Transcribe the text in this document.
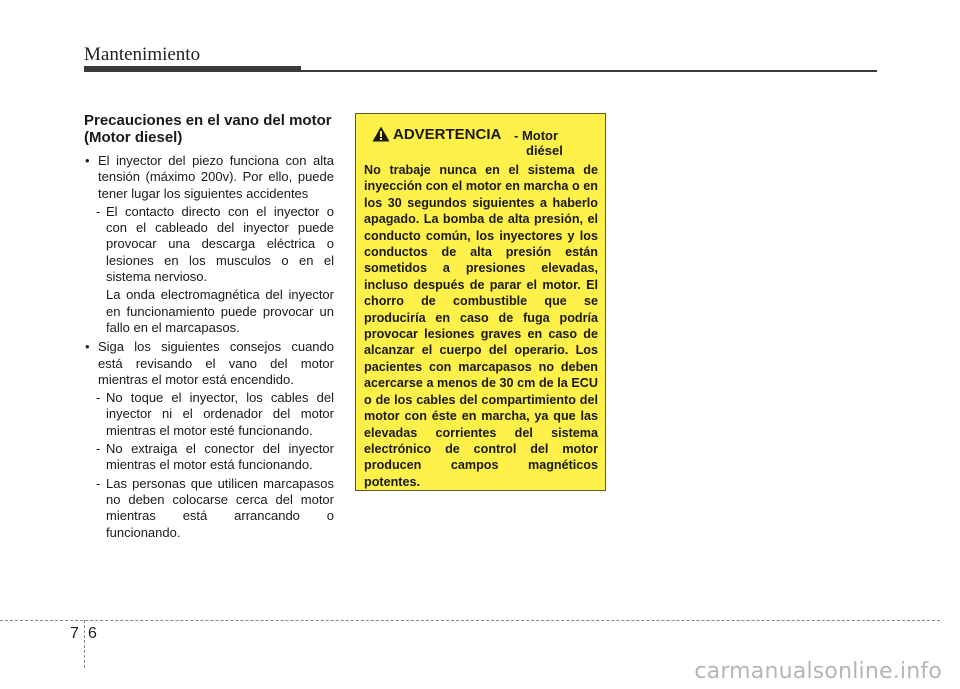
Mantenimiento
Precauciones en el vano del motor (Motor diesel)
• El inyector del piezo funciona con alta tensión (máximo 200v). Por ello, puede tener lugar los siguientes accidentes
- El contacto directo con el inyector o con el cableado del inyector puede provocar una descarga eléctrica o lesiones en los musculos o en el sistema nervioso.
La onda electromagnética del inyector en funcionamiento puede provocar un fallo en el marcapasos.
• Siga los siguientes consejos cuando está revisando el vano del motor mientras el motor está encendido.
- No toque el inyector, los cables del inyector ni el ordenador del motor mientras el motor esté funcionando.
- No extraiga el conector del inyector mientras el motor está funcionando.
- Las personas que utilicen marcapasos no deben colocarse cerca del motor mientras está arrancando o funcionando.
ADVERTENCIA - Motor
diésel
No trabaje nunca en el sistema de inyección con el motor en marcha o en los 30 segundos siguientes a haberlo apagado. La bomba de alta presión, el conducto común, los inyectores y los conductos de alta presión están sometidos a presiones elevadas, incluso después de parar el motor. El chorro de combustible que se produciría en caso de fuga podría provocar lesiones graves en caso de alcanzar el cuerpo del operario. Los pacientes con marcapasos no deben acercarse a menos de 30 cm de la ECU o de los cables del compartimiento del motor con éste en marcha, ya que las elevadas corrientes del sistema electrónico de control del motor producen campos magnéticos potentes.
7 6
carmanualsonline.info
